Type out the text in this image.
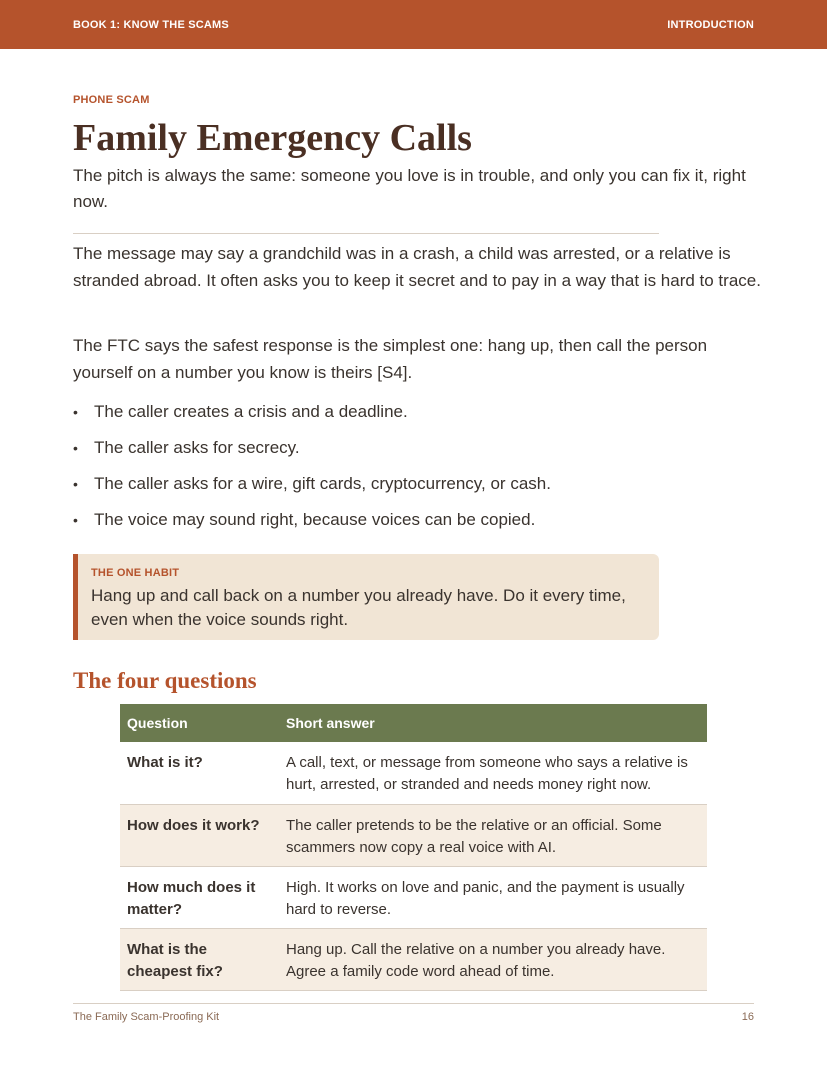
BOOK 1: KNOW THE SCAMS	INTRODUCTION
PHONE SCAM
Family Emergency Calls

The pitch is always the same: someone you love is in trouble, and only you can fix it, right now.

The message may say a grandchild was in a crash, a child was arrested, or a relative is stranded abroad. It often asks you to keep it secret and to pay in a way that is hard to trace.

The FTC says the safest response is the simplest one: hang up, then call the person yourself on a number you know is theirs [S4].

• The caller creates a crisis and a deadline.
• The caller asks for secrecy.
• The caller asks for a wire, gift cards, cryptocurrency, or cash.
• The voice may sound right, because voices can be copied.
THE ONE HABIT

Hang up and call back on a number you already have. Do it every time, even when the voice sounds right.

The four questions
Question	Short answer
What is it?	A call, text, or message from someone who says a relative is hurt, arrested, or stranded and needs money right now.
How does it work?	The caller pretends to be the relative or an official. Some scammers now copy a real voice with AI.
How much does it matter?	High. It works on love and panic, and the payment is usually hard to reverse.
What is the cheapest fix?	Hang up. Call the relative on a number you already have. Agree a family code word ahead of time.
The Family Scam-Proofing Kit	16
